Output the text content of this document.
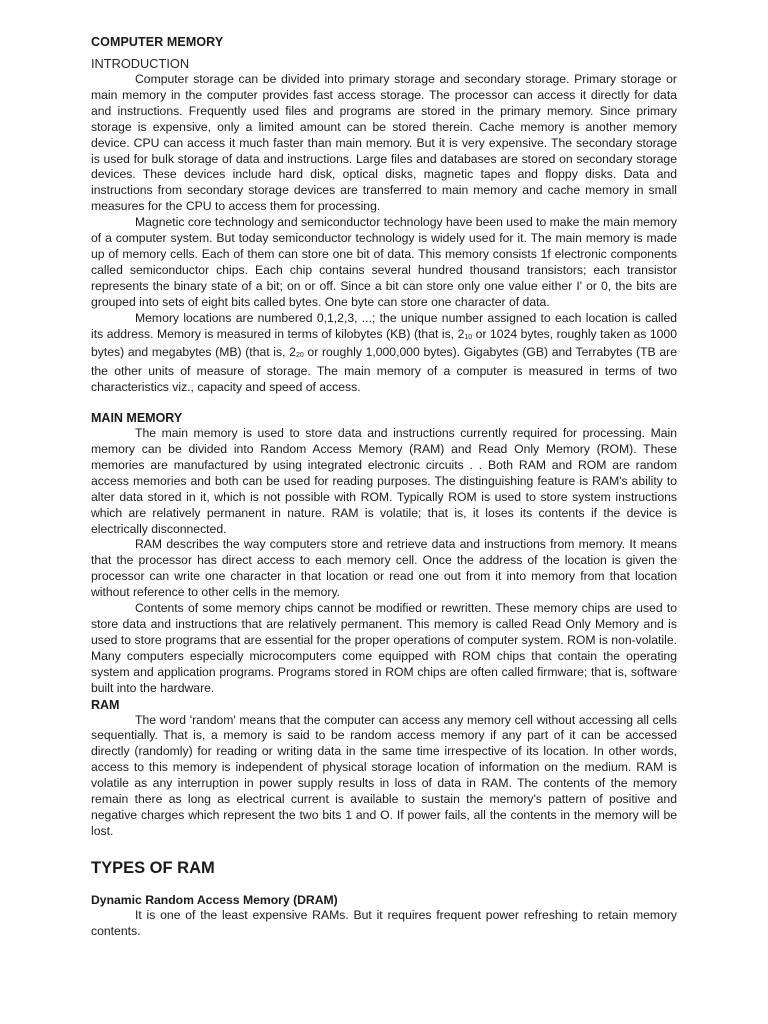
COMPUTER MEMORY
INTRODUCTION

Computer storage can be divided into primary storage and secondary storage. Primary storage or main memory in the computer provides fast access storage. The processor can access it directly for data and instructions. Frequently used files and programs are stored in the primary memory. Since primary storage is expensive, only a limited amount can be stored therein. Cache memory is another memory device. CPU can access it much faster than main memory. But it is very expensive. The secondary storage is used for bulk storage of data and instructions. Large files and databases are stored on secondary storage devices. These devices include hard disk, optical disks, magnetic tapes and floppy disks. Data and instructions from secondary storage devices are transferred to main memory and cache memory in small measures for the CPU to access them for processing.

Magnetic core technology and semiconductor technology have been used to make the main memory of a computer system. But today semiconductor technology is widely used for it. The main memory is made up of memory cells. Each of them can store one bit of data. This memory consists 1f electronic components called semiconductor chips. Each chip contains several hundred thousand transistors; each transistor represents the binary state of a bit; on or off. Since a bit can store only one value either I' or 0, the bits are grouped into sets of eight bits called bytes. One byte can store one character of data.

Memory locations are numbered 0,1,2,3, ...; the unique number assigned to each location is called its address. Memory is measured in terms of kilobytes (KB) (that is, $2_{10}$ or 1024 bytes, roughly taken as 1000 bytes) and megabytes (MB) (that is, $2_{20}$ or roughly 1,000,000 bytes). Gigabytes (GB) and Terrabytes (TB are the other units of measure of storage. The main memory of a computer is measured in terms of two characteristics viz., capacity and speed of access.

MAIN MEMORY

The main memory is used to store data and instructions currently required for processing. Main memory can be divided into Random Access Memory (RAM) and Read Only Memory (ROM). These memories are manufactured by using integrated electronic circuits . . Both RAM and ROM are random access memories and both can be used for reading purposes. The distinguishing feature is RAM's ability to alter data stored in it, which is not possible with ROM. Typically ROM is used to store system instructions which are relatively permanent in nature. RAM is volatile; that is, it loses its contents if the device is electrically disconnected.

RAM describes the way computers store and retrieve data and instructions from memory. It means that the processor has direct access to each memory cell. Once the address of the location is given the processor can write one character in that location or read one out from it into memory from that location without reference to other cells in the memory.

Contents of some memory chips cannot be modified or rewritten. These memory chips are used to store data and instructions that are relatively permanent. This memory is called Read Only Memory and is used to store programs that are essential for the proper operations of computer system. ROM is non-volatile. Many computers especially microcomputers come equipped with ROM chips that contain the operating system and application programs. Programs stored in ROM chips are often called firmware; that is, software built into the hardware.

RAM

The word 'random' means that the computer can access any memory cell without accessing all cells sequentially. That is, a memory is said to be random access memory if any part of it can be accessed directly (randomly) for reading or writing data in the same time irrespective of its location. In other words, access to this memory is independent of physical storage location of information on the medium. RAM is volatile as any interruption in power supply results in loss of data in RAM. The contents of the memory remain there as long as electrical current is available to sustain the memory's pattern of positive and negative charges which represent the two bits 1 and O. If power fails, all the contents in the memory will be lost.

TYPES OF RAM
Dynamic Random Access Memory (DRAM)

It is one of the least expensive RAMs. But it requires frequent power refreshing to retain memory contents.
